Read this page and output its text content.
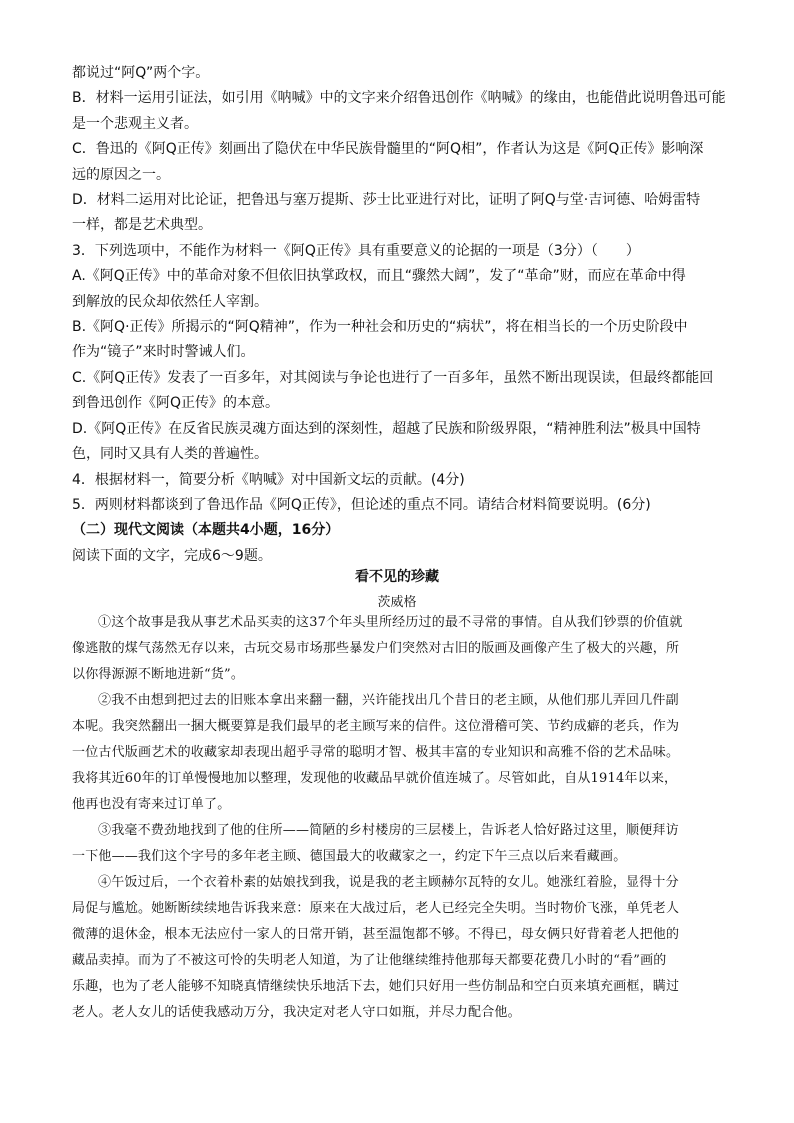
都说过“阿Q”两个字。
B．材料一运用引证法，如引用《呐喊》中的文字来介绍鲁迅创作《呐喊》的缘由，也能借此说明鲁迅可能
是一个悲观主义者。
C．鲁迅的《阿Q正传》刻画出了隐伏在中华民族骨髓里的“阿Q相”，作者认为这是《阿Q正传》影响深
远的原因之一。
D．材料二运用对比论证，把鲁迅与塞万提斯、莎士比亚进行对比，证明了阿Q与堂·吉诃德、哈姆雷特
一样，都是艺术典型。
3．下列选项中，不能作为材料一《阿Q正传》具有重要意义的论据的一项是（3分）（　　）
A.《阿Q正传》中的革命对象不但依旧执掌政权，而且“骤然大阔”，发了“革命”财，而应在革命中得
到解放的民众却依然任人宰割。
B.《阿Q·正传》所揭示的“阿Q精神”，作为一种社会和历史的“病状”，将在相当长的一个历史阶段中
作为“镜子”来时时警诫人们。
C.《阿Q正传》发表了一百多年，对其阅读与争论也进行了一百多年，虽然不断出现误读，但最终都能回
到鲁迅创作《阿Q正传》的本意。
D.《阿Q正传》在反省民族灵魂方面达到的深刻性，超越了民族和阶级界限，“精神胜利法”极具中国特
色，同时又具有人类的普遍性。
4．根据材料一，简要分析《呐喊》对中国新文坛的贡献。(4分)
5．两则材料都谈到了鲁迅作品《阿Q正传》，但论述的重点不同。请结合材料简要说明。(6分)
（二）现代文阅读（本题共4小题，16分）
阅读下面的文字，完成6～9题。
看不见的珍藏
茨威格
①这个故事是我从事艺术品买卖的这37个年头里所经历过的最不寻常的事情。自从我们钞票的价值就
像逃散的煤气荡然无存以来，古玩交易市场那些暴发户们突然对古旧的版画及画像产生了极大的兴趣，所
以你得源源不断地进新“货”。
②我不由想到把过去的旧账本拿出来翻一翻，兴许能找出几个昔日的老主顾，从他们那儿弄回几件副
本呢。我突然翻出一捆大概要算是我们最早的老主顾写来的信件。这位滑稽可笑、节约成癖的老兵，作为
一位古代版画艺术的收藏家却表现出超乎寻常的聪明才智、极其丰富的专业知识和高雅不俗的艺术品味。
我将其近60年的订单慢慢地加以整理，发现他的收藏品早就价值连城了。尽管如此，自从1914年以来，
他再也没有寄来过订单了。
③我毫不费劲地找到了他的住所——简陋的乡村楼房的三层楼上，告诉老人恰好路过这里，顺便拜访
一下他——我们这个字号的多年老主顾、德国最大的收藏家之一，约定下午三点以后来看藏画。
④午饭过后，一个衣着朴素的姑娘找到我，说是我的老主顾赫尔瓦特的女儿。她涨红着脸，显得十分
局促与尴尬。她断断续续地告诉我来意：原来在大战过后，老人已经完全失明。当时物价飞涨，单凭老人
微薄的退休金，根本无法应付一家人的日常开销，甚至温饱都不够。不得已，母女俩只好背着老人把他的
藏品卖掉。而为了不被这可怜的失明老人知道，为了让他继续维持他那每天都要花费几小时的“看”画的
乐趣，也为了老人能够不知晓真情继续快乐地活下去，她们只好用一些仿制品和空白页来填充画框，瞒过
老人。老人女儿的话使我感动万分，我决定对老人守口如瓶，并尽力配合他。
